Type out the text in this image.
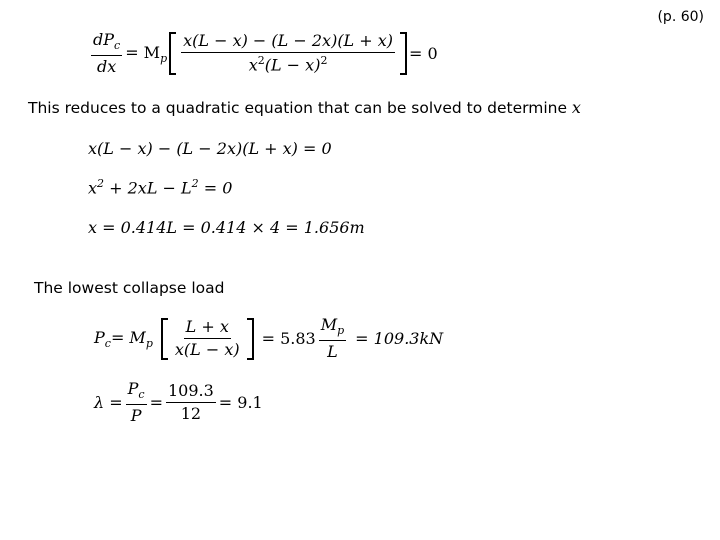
(p. 60)
$\frac{dP_c}{dx} = M_p \frac{x(L - x) - (L - 2x)(L + x)}{x^2(L - x)^2} = 0$
This reduces to a quadratic equation that can be solved to determine x
x(L − x) − (L − 2x)(L + x) = 0
$x^2 + 2xL - L^2 = 0$
x = 0.414L = 0.414 × 4 = 1.656m
The lowest collapse load
$P_c = M_p \frac{L + x}{x(L - x)} = 5.83 \frac{M_p}{L} = 109.3kN$
$\lambda = \frac{P_c}{P} = \frac{109.3}{12} = 9.1$
